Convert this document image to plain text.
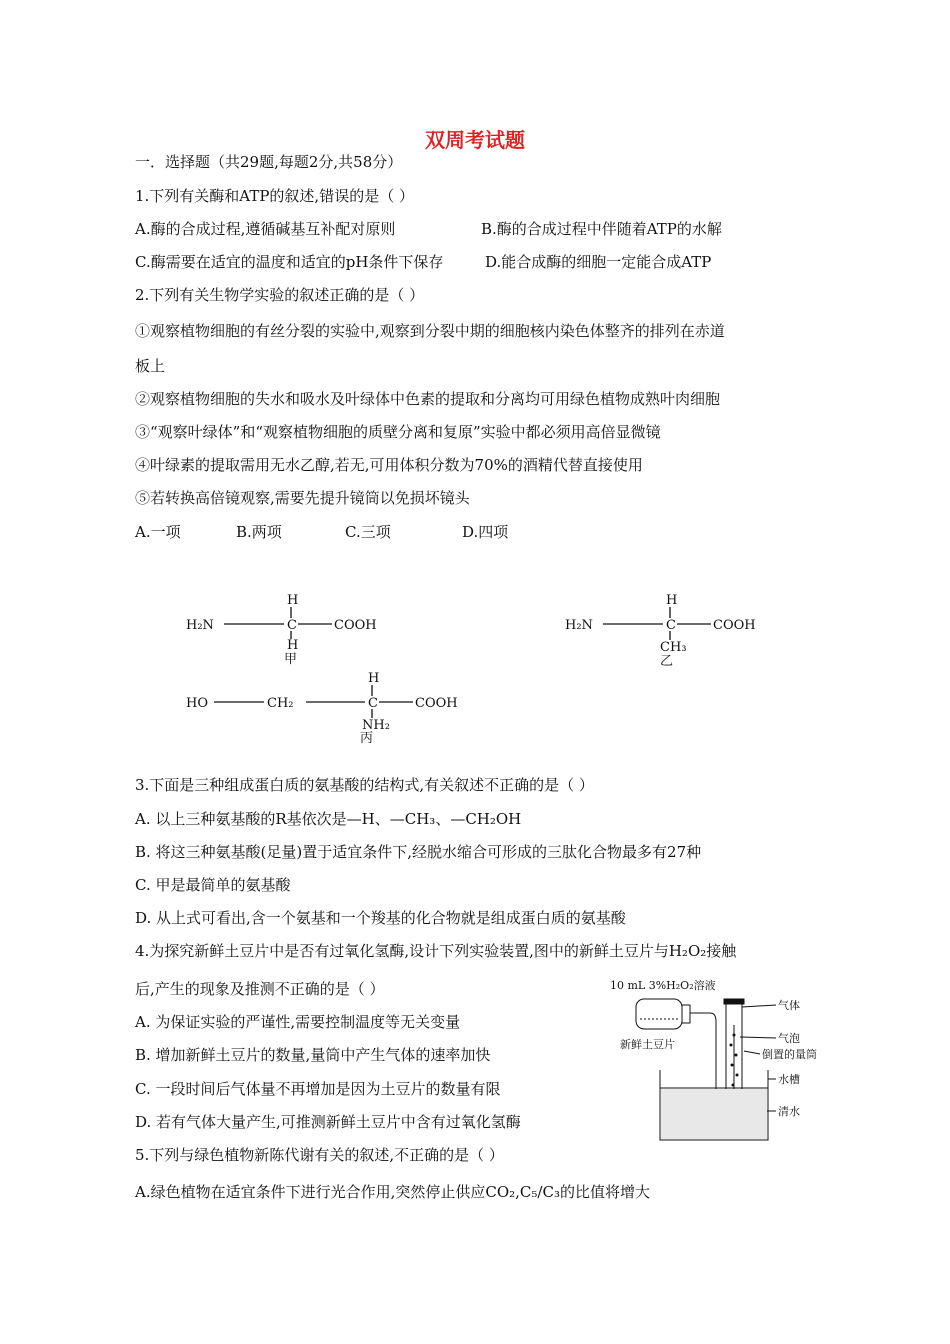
双周考试题
一．选择题（共29题,每题2分,共58分）
1.下列有关酶和ATP的叙述,错误的是（ ）
A.酶的合成过程,遵循碱基互补配对原则	B.酶的合成过程中伴随着ATP的水解
C.酶需要在适宜的温度和适宜的pH条件下保存	D.能合成酶的细胞一定能合成ATP
2.下列有关生物学实验的叙述正确的是（ ）
①观察植物细胞的有丝分裂的实验中,观察到分裂中期的细胞核内染色体整齐的排列在赤道
板上
②观察植物细胞的失水和吸水及叶绿体中色素的提取和分离均可用绿色植物成熟叶肉细胞
③“观察叶绿体”和“观察植物细胞的质壁分离和复原”实验中都必须用高倍显微镜
④叶绿素的提取需用无水乙醇,若无,可用体积分数为70%的酒精代替直接使用
⑤若转换高倍镜观察,需要先提升镜筒以免损坏镜头
A.一项	B.两项	C.三项	D.四项
H
H₂N	C	COOH
H
甲
H
H₂N	C	COOH
CH₃
乙
H
HO	CH₂	C	COOH
NH₂
丙
3.下面是三种组成蛋白质的氨基酸的结构式,有关叙述不正确的是（ ）
A. 以上三种氨基酸的R基依次是—H、—CH₃、—CH₂OH
B. 将这三种氨基酸(足量)置于适宜条件下,经脱水缩合可形成的三肽化合物最多有27种
C. 甲是最简单的氨基酸
D. 从上式可看出,含一个氨基和一个羧基的化合物就是组成蛋白质的氨基酸
4.为探究新鲜土豆片中是否有过氧化氢酶,设计下列实验装置,图中的新鲜土豆片与H₂O₂接触
后,产生的现象及推测不正确的是（ ）
A. 为保证实验的严谨性,需要控制温度等无关变量
B. 增加新鲜土豆片的数量,量筒中产生气体的速率加快
C. 一段时间后气体量不再增加是因为土豆片的数量有限
D. 若有气体大量产生,可推测新鲜土豆片中含有过氧化氢酶
10 mL 3%H₂O₂溶液
新鲜土豆片
气体
气泡
倒置的量筒
水槽
清水
5.下列与绿色植物新陈代谢有关的叙述,不正确的是（ ）
A.绿色植物在适宜条件下进行光合作用,突然停止供应CO₂,C₅/C₃的比值将增大
